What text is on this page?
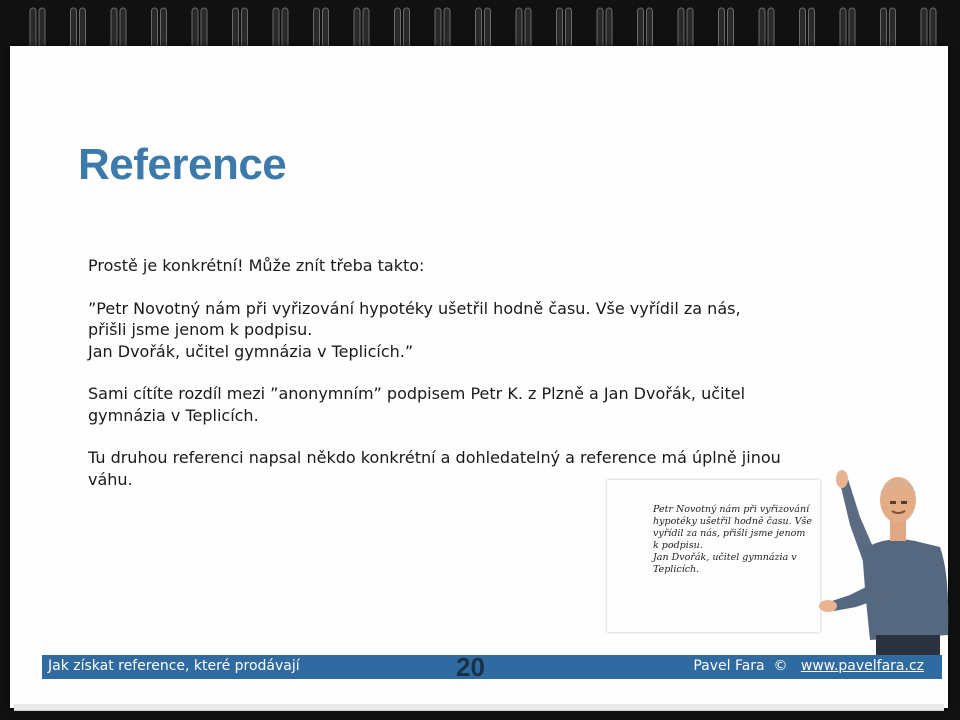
Reference

Prostě je konkrétní! Může znít třeba takto:

”Petr Novotný nám při vyřizování hypotéky ušetřil hodně času. Vše vyřídil za nás,
přišli jsme jenom k podpisu.
Jan Dvořák, učitel gymnázia v Teplicích.”

Sami cítíte rozdíl mezi ”anonymním” podpisem Petr K. z Plzně a Jan Dvořák, učitel gymnázia v Teplicích.

Tu druhou referenci napsal někdo konkrétní a dohledatelný a reference má úplně jinou váhu.

Petr Novotný nám při vyřizování
hypotéky ušetřil hodně času. Vše
vyřídil za nás, přišli jsme jenom
k podpisu.
Jan Dvořák, učitel gymnázia v
Teplicích.
Jak získat reference, které prodávají	Pavel Fara © www.pavelfara.cz
20
